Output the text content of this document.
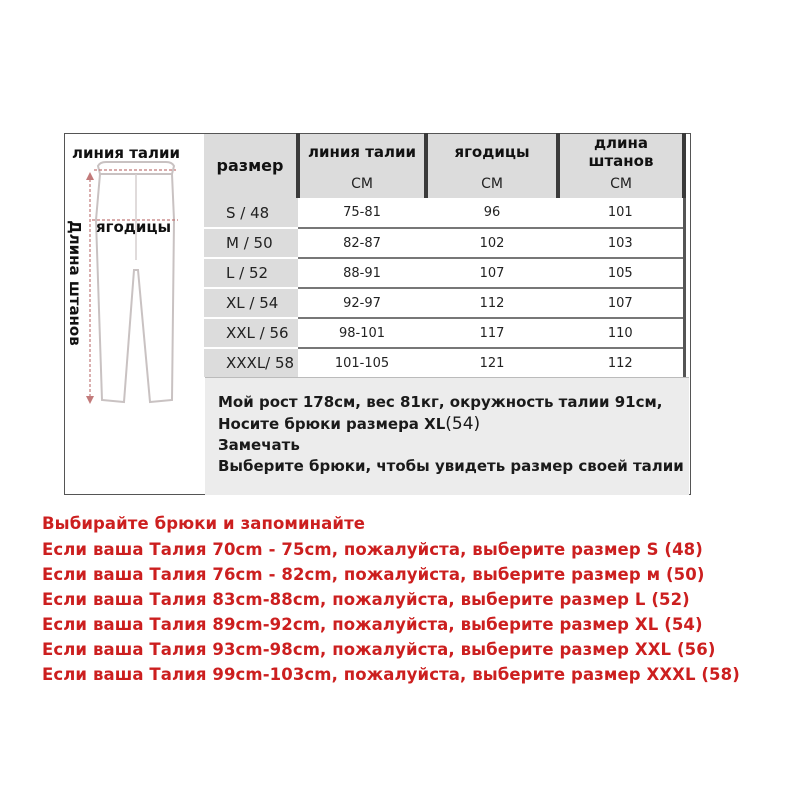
линия талии
ягодицы
Длина штанов
размер	линия талии	ягодицы	длина штанов
	CM	CM	CM
S / 48	75-81	96	101
M / 50	82-87	102	103
L / 52	88-91	107	105
XL / 54	92-97	112	107
XXL / 56	98-101	117	110
XXXL/ 58	101-105	121	112
Мой рост 178см, вес 81кг, окружность талии 91см,
Носите брюки размера XL(54)
Замечать
Выберите брюки, чтобы увидеть размер своей талии
Выбирайте брюки и запоминайте
Если ваша Талия 70cm - 75cm, пожалуйста, выберите размер S (48)
Если ваша Талия 76cm - 82cm, пожалуйста, выберите размер м (50)
Если ваша Талия 83cm-88cm, пожалуйста, выберите размер L (52)
Если ваша Талия 89cm-92cm, пожалуйста, выберите размер XL (54)
Если ваша Талия 93cm-98cm, пожалуйста, выберите размер XXL (56)
Если ваша Талия 99cm-103cm, пожалуйста, выберите размер XXXL (58)
